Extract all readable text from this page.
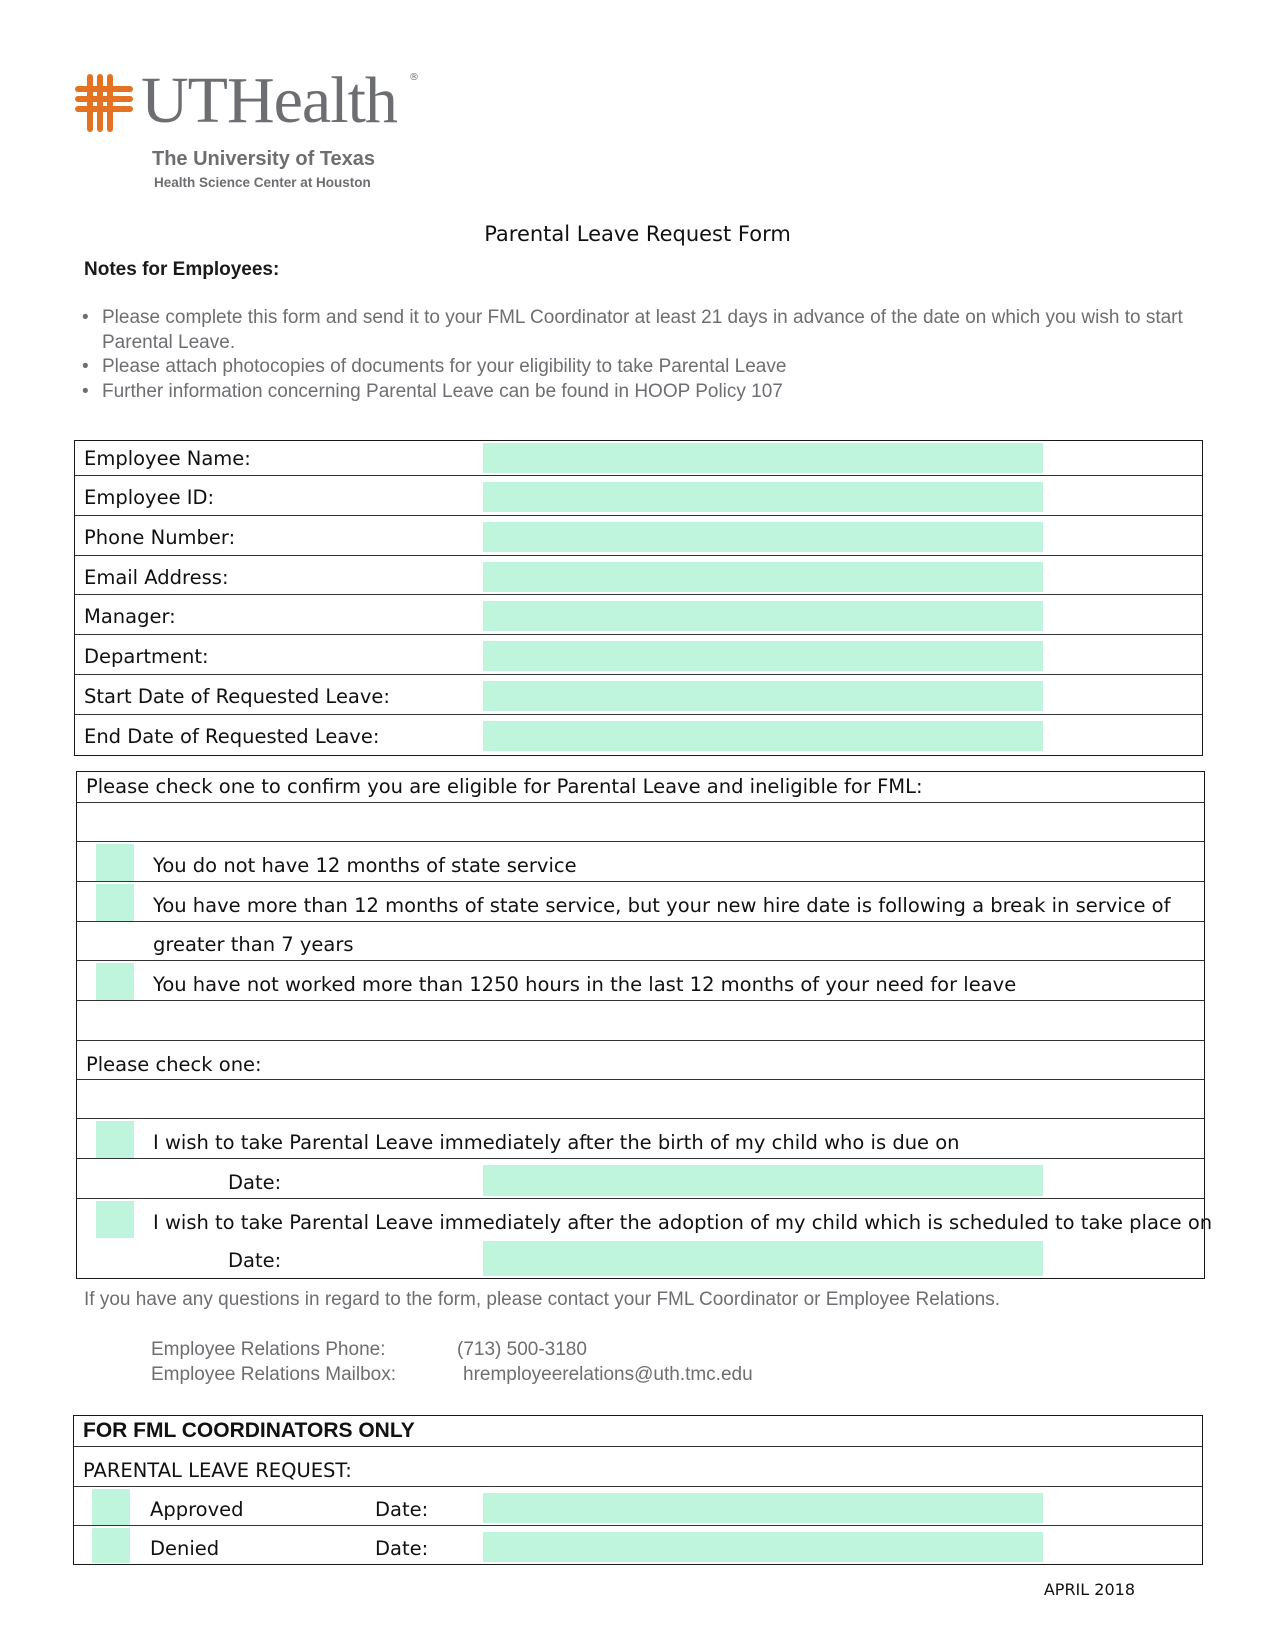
UTHealth ®
The University of Texas
Health Science Center at Houston
Parental Leave Request Form
Notes for Employees:
• Please complete this form and send it to your FML Coordinator at least 21 days in advance of the date on which you wish to start Parental Leave.
• Please attach photocopies of documents for your eligibility to take Parental Leave
• Further information concerning Parental Leave can be found in HOOP Policy 107
Employee Name:
Employee ID:
Phone Number:
Email Address:
Manager:
Department:
Start Date of Requested Leave:
End Date of Requested Leave:
Please check one to confirm you are eligible for Parental Leave and ineligible for FML:
You do not have 12 months of state service
You have more than 12 months of state service, but your new hire date is following a break in service of
greater than 7 years
You have not worked more than 1250 hours in the last 12 months of your need for leave
Please check one:
I wish to take Parental Leave immediately after the birth of my child who is due on
Date:
I wish to take Parental Leave immediately after the adoption of my child which is scheduled to take place on
Date:
If you have any questions in regard to the form, please contact your FML Coordinator or Employee Relations.
Employee Relations Phone:	(713) 500-3180
Employee Relations Mailbox:	hremployeerelations@uth.tmc.edu
FOR FML COORDINATORS ONLY
PARENTAL LEAVE REQUEST:
Approved	Date:
Denied	Date:
APRIL 2018
